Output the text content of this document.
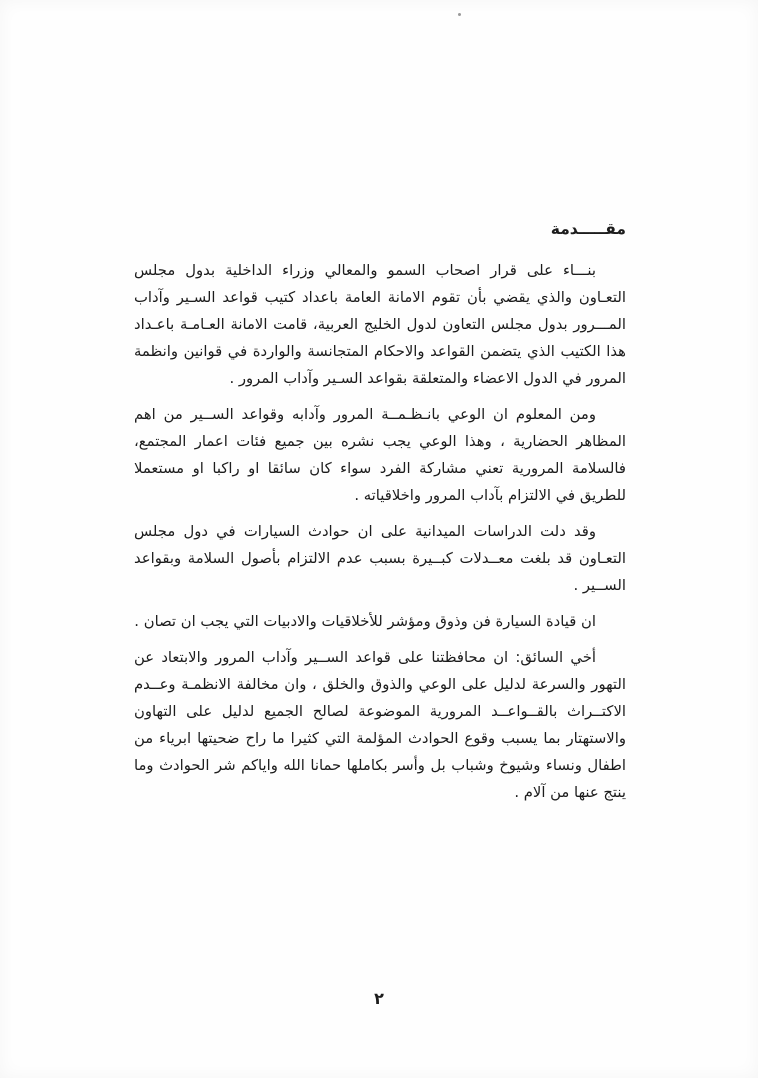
مقـــــدمة

بنـــاء على قرار اصحاب السمو والمعالي وزراء الداخلية بدول مجلس التعـاون والذي يقضي بأن تقوم الامانة العامة باعداد كتيب قواعد السـير وآداب المـــرور بدول مجلس التعاون لدول الخليج العربية، قامت الامانة العـامـة باعـداد هذا الكتيب الذي يتضمن القواعد والاحكام المتجانسة والواردة في قوانين وانظمة المرور في الدول الاعضاء والمتعلقة بقواعد السـير وآداب المرور .

ومن المعلوم ان الوعي بانـظـمــة المرور وآدابه وقواعد الســير من اهم المظاهر الحضارية ، وهذا الوعي يجب نشره بين جميع فئات اعمار المجتمع، فالسلامة المرورية تعني مشاركة الفرد سواء كان سائقا او راكبا او مستعملا للطريق في الالتزام بآداب المرور واخلاقياته .

وقد دلت الدراسات الميدانية على ان حوادث السيارات في دول مجلس التعـاون قد بلغت معــدلات كبــيرة بسبب عدم الالتزام بأصول السلامة وبقواعد الســير .

ان قيادة السيارة فن وذوق ومؤشر للأخلاقيات والادبيات التي يجب ان تصان .

أخي السائق: ان محافظتنا على قواعد الســير وآداب المرور والابتعاد عن التهور والسرعة لدليل على الوعي والذوق والخلق ، وان مخالفة الانظمـة وعــدم الاكتــراث بالقــواعــد المرورية الموضوعة لصالح الجميع لدليل على التهاون والاستهتار بما يسبب وقوع الحوادث المؤلمة التي كثيرا ما راح ضحيتها ابرياء من اطفال ونساء وشيوخ وشباب بل وأسر بكاملها حمانا الله واياكم شر الحوادث وما ينتج عنها من آلام .

٢
